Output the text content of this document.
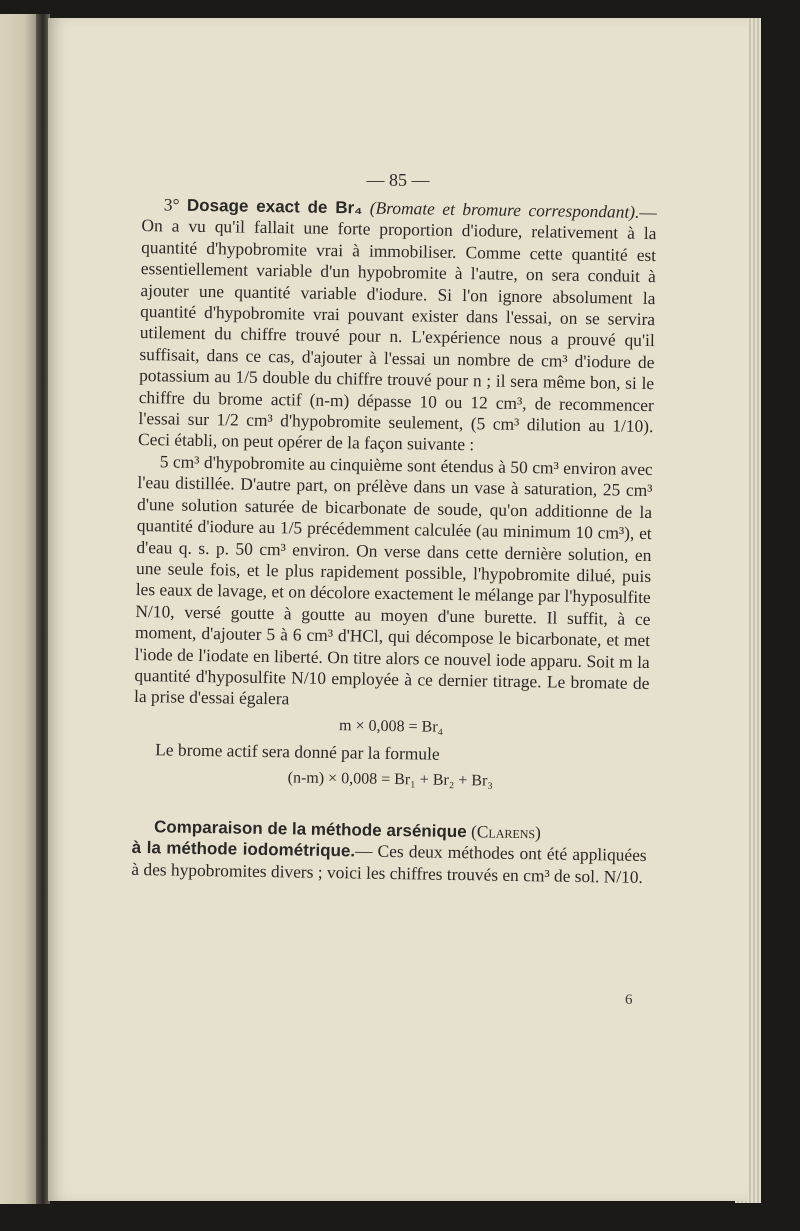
— 85 —

3° Dosage exact de Br₄ (Bromate et bromure correspondant).— On a vu qu'il fallait une forte proportion d'iodure, relativement à la quantité d'hypobromite vrai à immobiliser. Comme cette quantité est essentiellement variable d'un hypobromite à l'autre, on sera conduit à ajouter une quantité variable d'iodure. Si l'on ignore absolument la quantité d'hypobromite vrai pouvant exister dans l'essai, on se servira utilement du chiffre trouvé pour n. L'expérience nous a prouvé qu'il suffisait, dans ce cas, d'ajouter à l'essai un nombre de cm³ d'iodure de potassium au 1/5 double du chiffre trouvé pour n ; il sera même bon, si le chiffre du brome actif (n-m) dépasse 10 ou 12 cm³, de recommencer l'essai sur 1/2 cm³ d'hypobromite seulement, (5 cm³ dilution au 1/10). Ceci établi, on peut opérer de la façon suivante :

5 cm³ d'hypobromite au cinquième sont étendus à 50 cm³ environ avec l'eau distillée. D'autre part, on prélève dans un vase à saturation, 25 cm³ d'une solution saturée de bicarbonate de soude, qu'on additionne de la quantité d'iodure au 1/5 précédemment calculée (au minimum 10 cm³), et d'eau q. s. p. 50 cm³ environ. On verse dans cette dernière solution, en une seule fois, et le plus rapidement possible, l'hypobromite dilué, puis les eaux de lavage, et on décolore exactement le mélange par l'hyposulfite N/10, versé goutte à goutte au moyen d'une burette. Il suffit, à ce moment, d'ajouter 5 à 6 cm³ d'HCl, qui décompose le bicarbonate, et met l'iode de l'iodate en liberté. On titre alors ce nouvel iode apparu. Soit m la quantité d'hyposulfite N/10 employée à ce dernier titrage. Le bromate de la prise d'essai égalera

m × 0,008 = Br₄

Le brome actif sera donné par la formule

(n-m) × 0,008 = Br₁ + Br₂ + Br₃

Comparaison de la méthode arsénique (Clarens)
à la méthode iodométrique.— Ces deux méthodes ont été appliquées à des hypobromites divers ; voici les chiffres trouvés en cm³ de sol. N/10.

6
